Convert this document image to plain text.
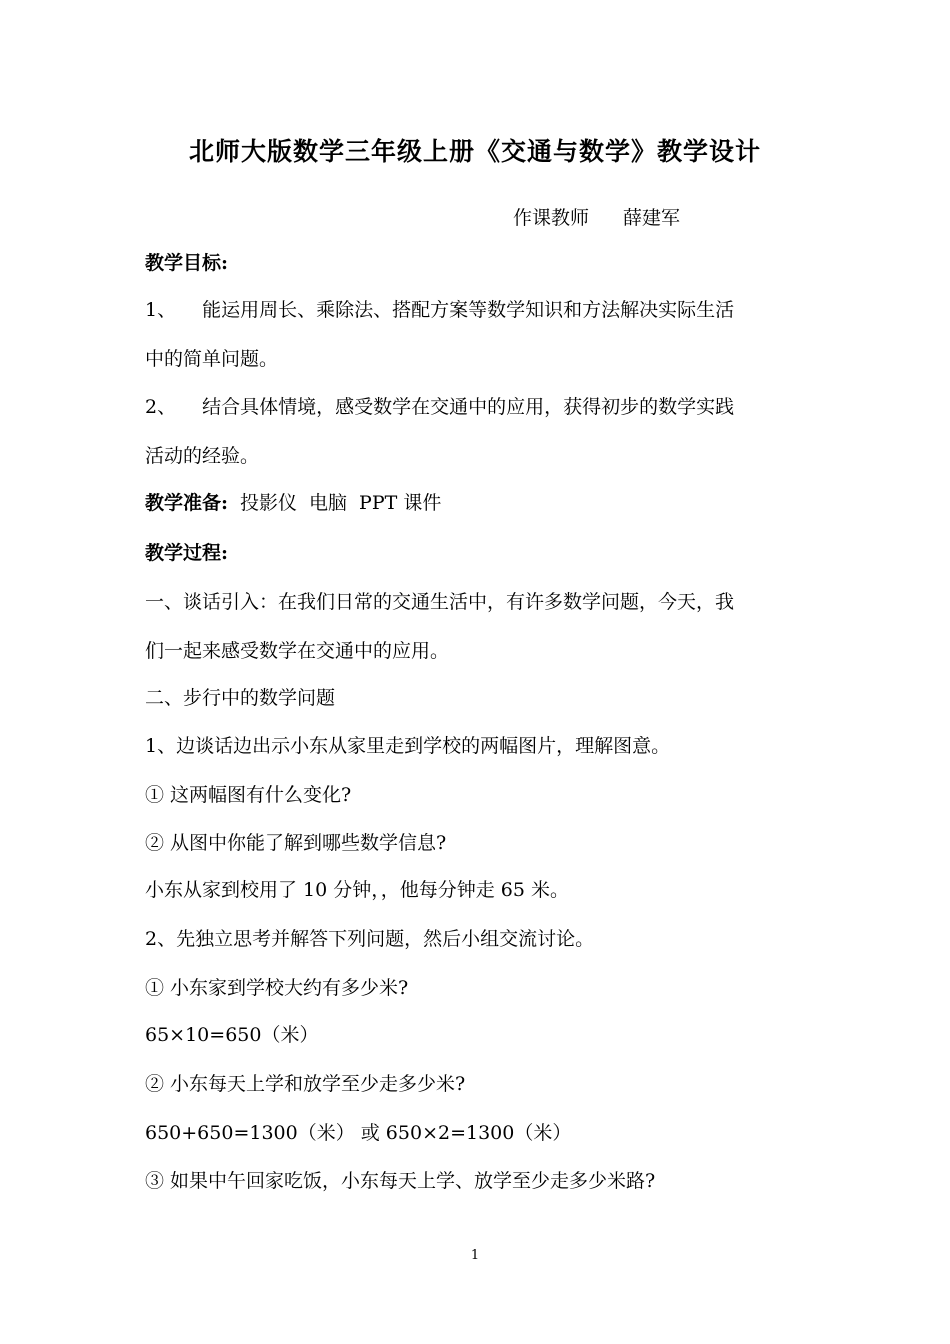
北师大版数学三年级上册《交通与数学》教学设计
作课教师 薛建军
教学目标:
1、 能运用周长、乘除法、搭配方案等数学知识和方法解决实际生活
中的简单问题。
2、 结合具体情境，感受数学在交通中的应用，获得初步的数学实践
活动的经验。
教学准备: 投影仪 电脑 PPT 课件
教学过程:
一、谈话引入：在我们日常的交通生活中，有许多数学问题，今天，我
们一起来感受数学在交通中的应用。
二、步行中的数学问题
1、边谈话边出示小东从家里走到学校的两幅图片，理解图意。
① 这两幅图有什么变化?
② 从图中你能了解到哪些数学信息?
小东从家到校用了 10 分钟，，他每分钟走 65 米。
2、先独立思考并解答下列问题，然后小组交流讨论。
① 小东家到学校大约有多少米?
65×10=650（米）
② 小东每天上学和放学至少走多少米?
650+650=1300（米） 或 650×2=1300（米）
③ 如果中午回家吃饭，小东每天上学、放学至少走多少米路?
1
